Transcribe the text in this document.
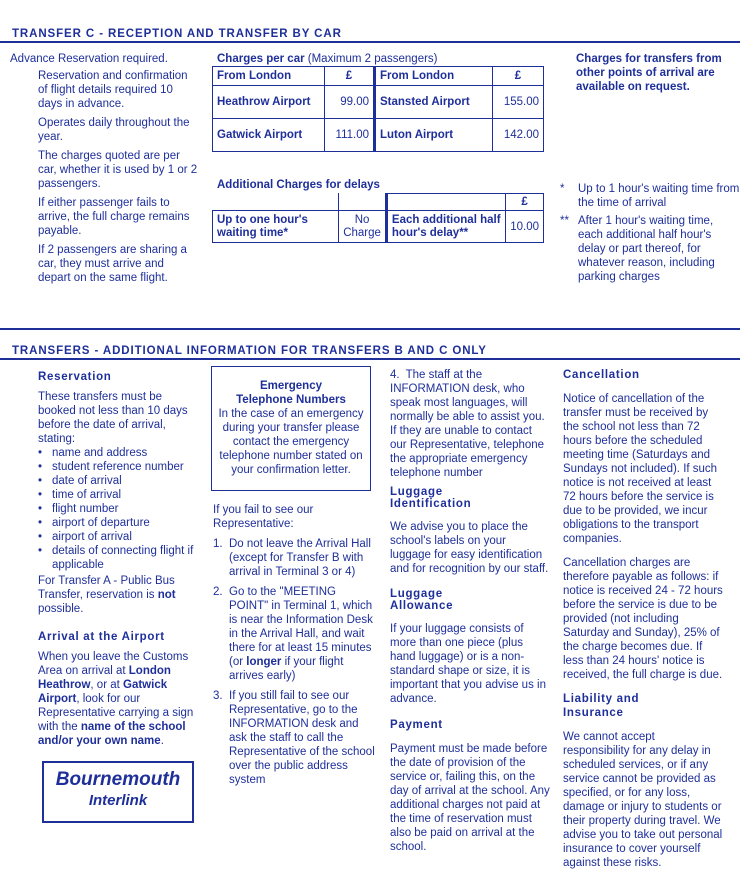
TRANSFER C - RECEPTION AND TRANSFER BY CAR

Advance Reservation required.

Reservation and confirmation of flight details required 10 days in advance.

Operates daily throughout the year.

The charges quoted are per car, whether it is used by 1 or 2 passengers.

If either passenger fails to arrive, the full charge remains payable.

If 2 passengers are sharing a car, they must arrive and depart on the same flight.

Charges per car (Maximum 2 passengers)
From London	£	From London	£
Heathrow Airport	99.00	Stansted Airport	155.00
Gatwick Airport	111.00	Luton Airport	142.00
Charges for transfers from other points of arrival are available on request.
Additional Charges for delays
			£
Up to one hour's waiting time*	No Charge	Each additional half hour's delay**	10.00
* Up to 1 hour's waiting time from the time of arrival
** After 1 hour's waiting time, each additional half hour's delay or part thereof, for whatever reason, including parking charges
TRANSFERS - ADDITIONAL INFORMATION FOR TRANSFERS B AND C ONLY
Reservation

These transfers must be booked not less than 10 days before the date of arrival, stating:

• name and address
• student reference number
• date of arrival
• time of arrival
• flight number
• airport of departure
• airport of arrival
• details of connecting flight if applicable

For Transfer A - Public Bus Transfer, reservation is not possible.

Arrival at the Airport

When you leave the Customs Area on arrival at London Heathrow, or at Gatwick Airport, look for our Representative carrying a sign with the name of the school and/or your own name.

Bournemouth
Interlink
Emergency
Telephone Numbers
In the case of an emergency during your transfer please contact the emergency telephone number stated on your confirmation letter.

If you fail to see our Representative:

1. Do not leave the Arrival Hall (except for Transfer B with arrival in Terminal 3 or 4)
2. Go to the "MEETING POINT" in Terminal 1, which is near the Information Desk in the Arrival Hall, and wait there for at least 15 minutes (or longer if your flight arrives early)
3. If you still fail to see our Representative, go to the INFORMATION desk and ask the staff to call the Representative of the school over the public address system
4. The staff at the INFORMATION desk, who speak most languages, will normally be able to assist you. If they are unable to contact our Representative, telephone the appropriate emergency telephone number
Luggage
Identification

We advise you to place the school's labels on your luggage for easy identification and for recognition by our staff.

Luggage
Allowance

If your luggage consists of more than one piece (plus hand luggage) or is a non-standard shape or size, it is important that you advise us in advance.

Payment

Payment must be made before the date of provision of the service or, failing this, on the day of arrival at the school. Any additional charges not paid at the time of reservation must also be paid on arrival at the school.

Cancellation

Notice of cancellation of the transfer must be received by the school not less than 72 hours before the scheduled meeting time (Saturdays and Sundays not included). If such notice is not received at least 72 hours before the service is due to be provided, we incur obligations to the transport companies.

Cancellation charges are therefore payable as follows: if notice is received 24 - 72 hours before the service is due to be provided (not including Saturday and Sunday), 25% of the charge becomes due. If less than 24 hours' notice is received, the full charge is due.

Liability and
Insurance

We cannot accept responsibility for any delay in scheduled services, or if any service cannot be provided as specified, or for any loss, damage or injury to students or their property during travel. We advise you to take out personal insurance to cover yourself against these risks.
